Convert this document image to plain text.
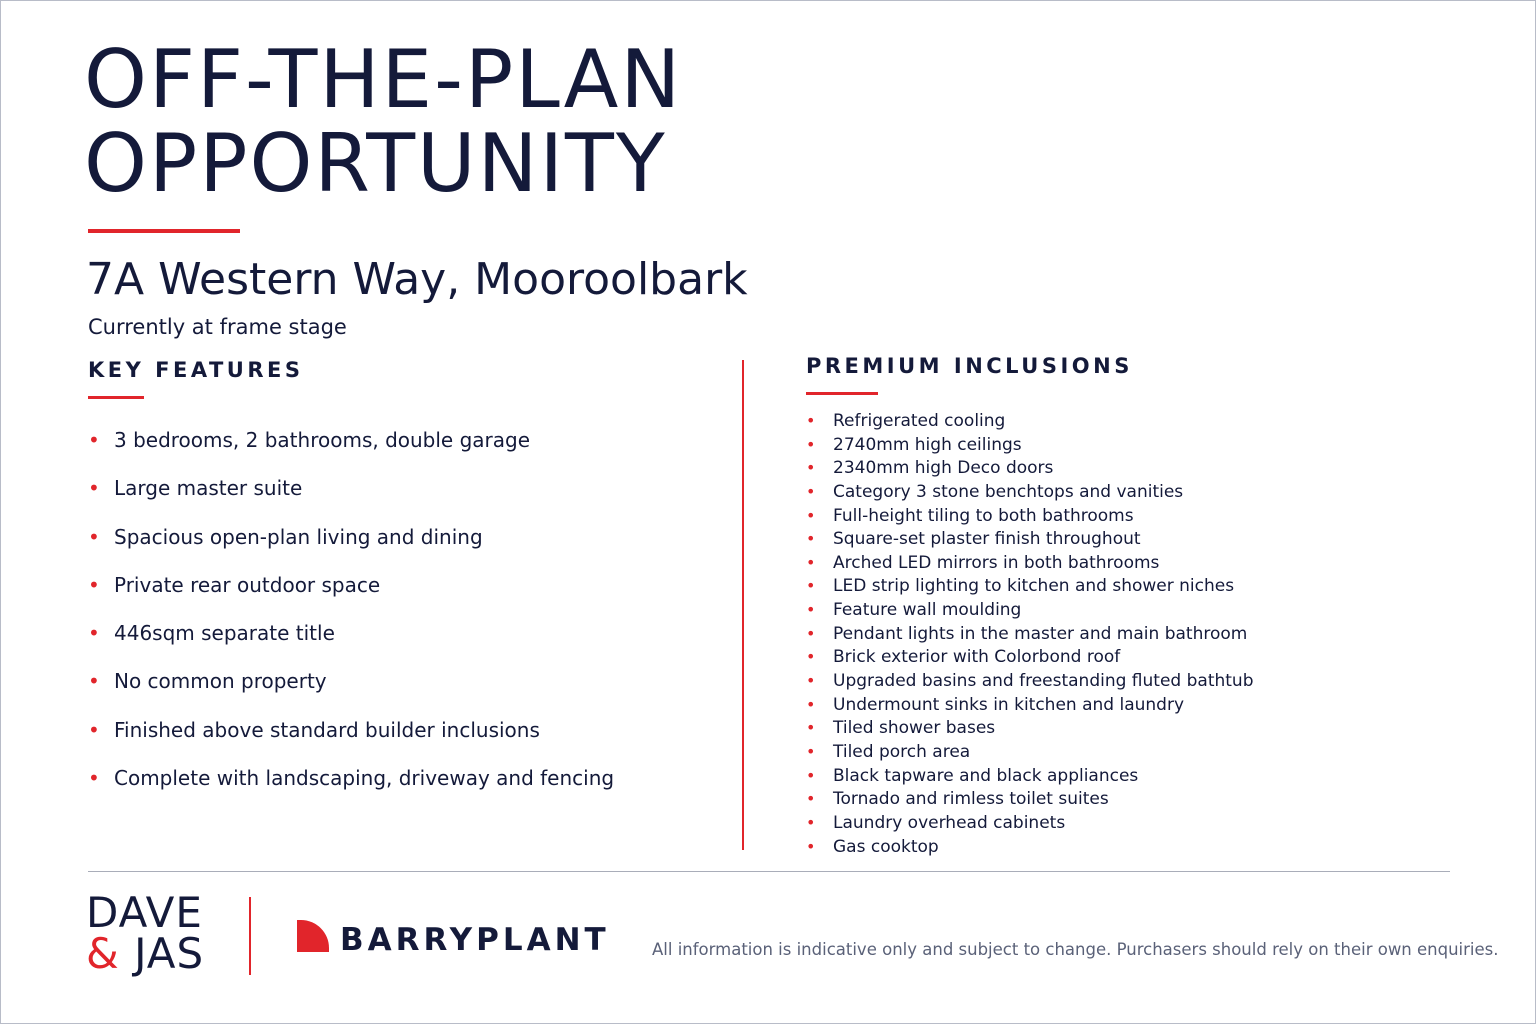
OFF-THE-PLAN
OPPORTUNITY
7A Western Way, Mooroolbark
Currently at frame stage
KEY FEATURES
• 3 bedrooms, 2 bathrooms, double garage
• Large master suite
• Spacious open-plan living and dining
• Private rear outdoor space
• 446sqm separate title
• No common property
• Finished above standard builder inclusions
• Complete with landscaping, driveway and fencing
PREMIUM INCLUSIONS
• Refrigerated cooling
• 2740mm high ceilings
• 2340mm high Deco doors
• Category 3 stone benchtops and vanities
• Full-height tiling to both bathrooms
• Square-set plaster finish throughout
• Arched LED mirrors in both bathrooms
• LED strip lighting to kitchen and shower niches
• Feature wall moulding
• Pendant lights in the master and main bathroom
• Brick exterior with Colorbond roof
• Upgraded basins and freestanding fluted bathtub
• Undermount sinks in kitchen and laundry
• Tiled shower bases
• Tiled porch area
• Black tapware and black appliances
• Tornado and rimless toilet suites
• Laundry overhead cabinets
• Gas cooktop
DAVE
& JAS	BARRYPLANT	All information is indicative only and subject to change. Purchasers should rely on their own enquiries.
